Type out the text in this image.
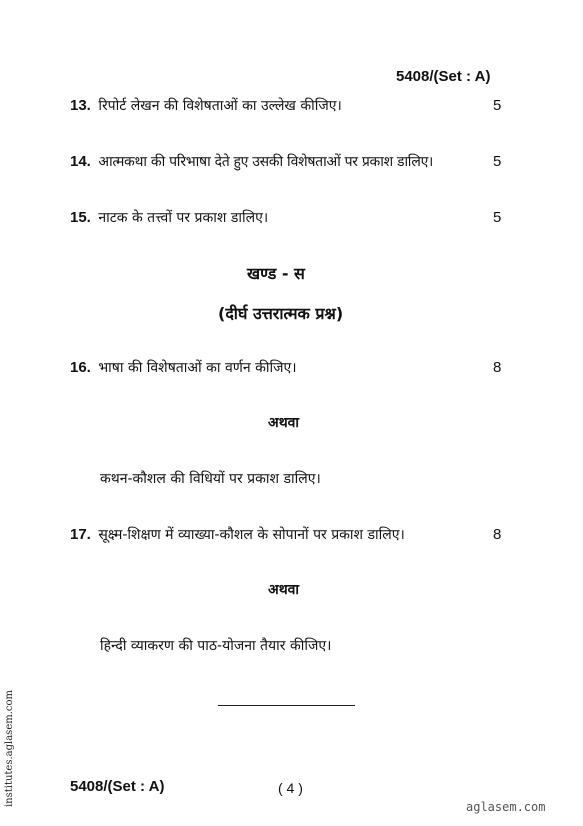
5408/(Set : A)
13. रिपोर्ट लेखन की विशेषताओं का उल्लेख कीजिए।	5
14. आत्मकथा की परिभाषा देते हुए उसकी विशेषताओं पर प्रकाश डालिए।	5
15. नाटक के तत्त्वों पर प्रकाश डालिए।	5
खण्ड - स
(दीर्घ उत्तरात्मक प्रश्न)
16. भाषा की विशेषताओं का वर्णन कीजिए।	8
अथवा
कथन-कौशल की विधियों पर प्रकाश डालिए।
17. सूक्ष्म-शिक्षण में व्याख्या-कौशल के सोपानों पर प्रकाश डालिए।	8
अथवा
हिन्दी व्याकरण की पाठ-योजना तैयार कीजिए।
institutes.aglasem.com	5408/(Set : A)	( 4 )
aglasem.com
